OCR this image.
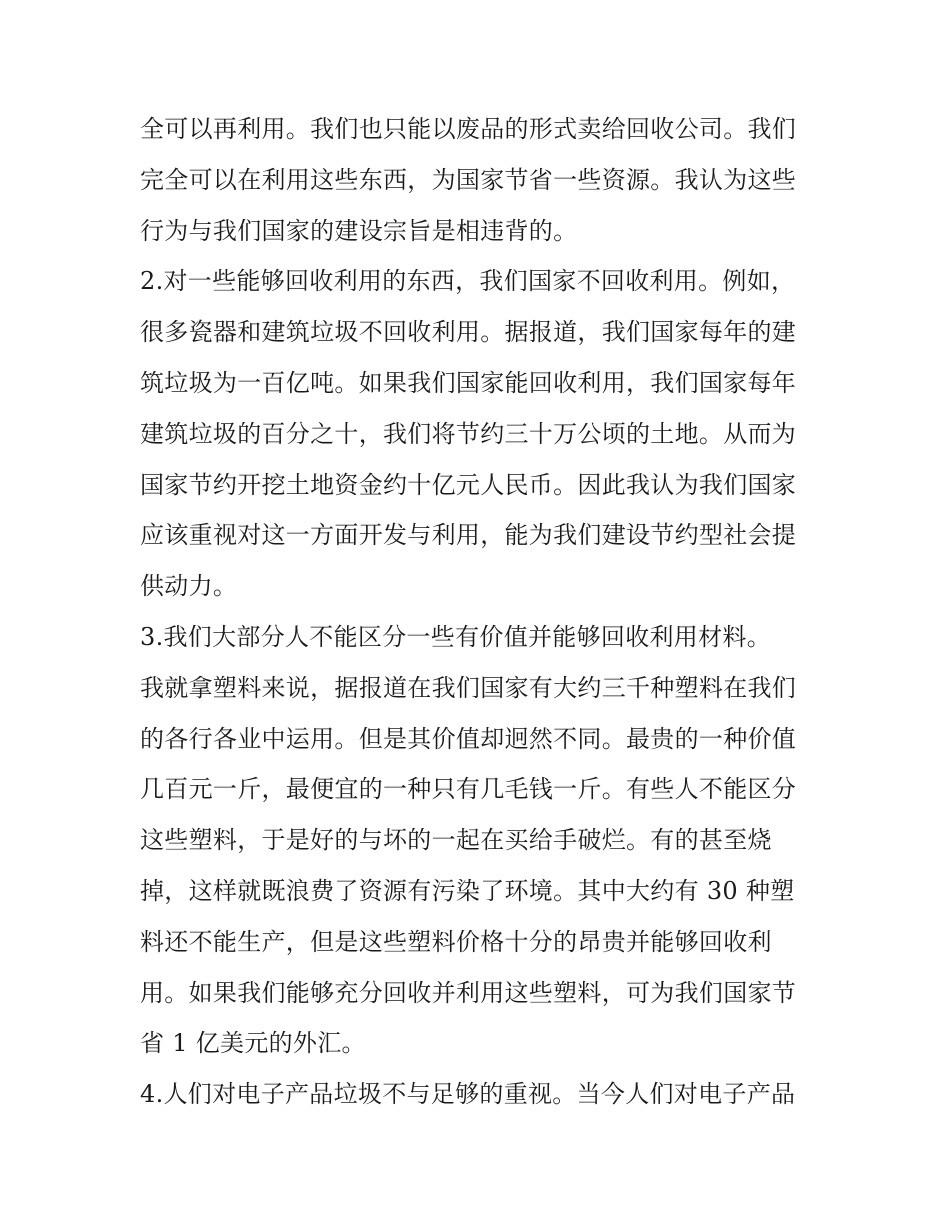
全可以再利用。我们也只能以废品的形式卖给回收公司。我们
完全可以在利用这些东西，为国家节省一些资源。我认为这些
行为与我们国家的建设宗旨是相违背的。
2.对一些能够回收利用的东西，我们国家不回收利用。例如，
很多瓷器和建筑垃圾不回收利用。据报道，我们国家每年的建
筑垃圾为一百亿吨。如果我们国家能回收利用，我们国家每年
建筑垃圾的百分之十，我们将节约三十万公顷的土地。从而为
国家节约开挖土地资金约十亿元人民币。因此我认为我们国家
应该重视对这一方面开发与利用，能为我们建设节约型社会提
供动力。
3.我们大部分人不能区分一些有价值并能够回收利用材料。
我就拿塑料来说，据报道在我们国家有大约三千种塑料在我们
的各行各业中运用。但是其价值却迥然不同。最贵的一种价值
几百元一斤，最便宜的一种只有几毛钱一斤。有些人不能区分
这些塑料，于是好的与坏的一起在买给手破烂。有的甚至烧
掉，这样就既浪费了资源有污染了环境。其中大约有 30 种塑
料还不能生产，但是这些塑料价格十分的昂贵并能够回收利
用。如果我们能够充分回收并利用这些塑料，可为我们国家节
省 1 亿美元的外汇。
4.人们对电子产品垃圾不与足够的重视。当今人们对电子产品
